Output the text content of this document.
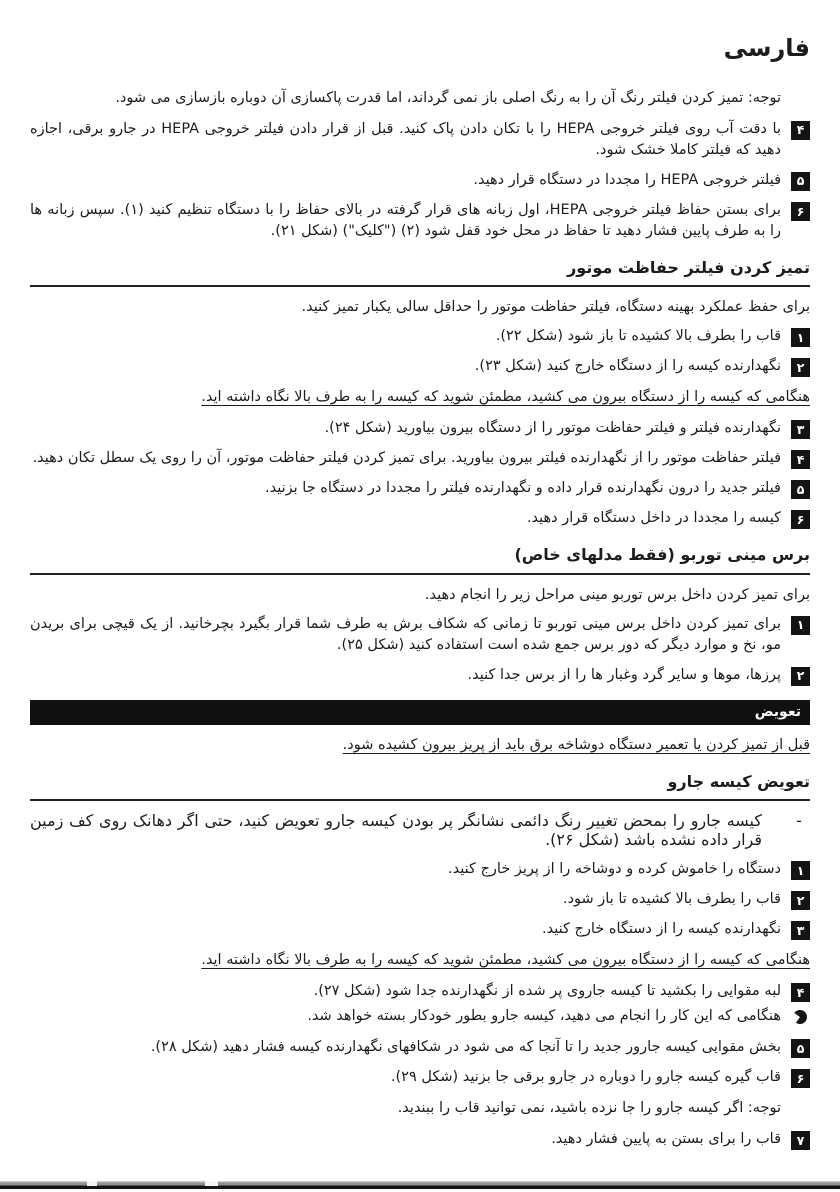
فارسی

توجه: تمیز کردن فیلتر رنگ آن را به رنگ اصلی باز نمی گرداند، اما قدرت پاکسازی آن دوباره بازسازی می شود.

۴
با دقت آب روی فیلتر خروجی HEPA را با تکان دادن پاک کنید. قبل از قرار دادن فیلتر خروجی HEPA در جارو برقی، اجازه دهید که فیلتر کاملا خشک شود.
۵
فیلتر خروجی HEPA را مجددا در دستگاه قرار دهید.
۶
برای بستن حفاظ فیلتر خروجی HEPA، اول زبانه های قرار گرفته در بالای حفاظ را با دستگاه تنظیم کنید (۱). سپس زبانه ها را به طرف پایین فشار دهید تا حفاظ در محل خود قفل شود (۲) ("کلیک") (شکل ۲۱).
تمیز کردن فیلتر حفاظت موتور

برای حفظ عملکرد بهینه دستگاه، فیلتر حفاظت موتور را حداقل سالی یکبار تمیز کنید.

۱
قاب را بطرف بالا کشیده تا باز شود (شکل ۲۲).
۲
نگهدارنده کیسه را از دستگاه خارج کنید (شکل ۲۳).

هنگامی که کیسه را از دستگاه بیرون می کشید، مطمئن شوید که کیسه را به طرف بالا نگاه داشته اید.

۳
نگهدارنده فیلتر و فیلتر حفاظت موتور را از دستگاه بیرون بیاورید (شکل ۲۴).
۴
فیلتر حفاظت موتور را از نگهدارنده فیلتر بیرون بیاورید. برای تمیز کردن فیلتر حفاظت موتور، آن را روی یک سطل تکان دهید.
۵
فیلتر جدید را درون نگهدارنده قرار داده و نگهدارنده فیلتر را مجددا در دستگاه جا بزنید.
۶
کیسه را مجددا در داخل دستگاه قرار دهید.
برس مینی توربو (فقط مدلهای خاص)

برای تمیز کردن داخل برس توربو مینی مراحل زیر را انجام دهید.

۱
برای تمیز کردن داخل برس مینی توربو تا زمانی که شکاف برش به طرف شما قرار بگیرد بچرخانید. از یک قیچی برای بریدن مو، نخ و موارد دیگر که دور برس جمع شده است استفاده کنید (شکل ۲۵).
۲
پرزها، موها و سایر گرد وغبار ها را از برس جدا کنید.
تعویض

قبل از تمیز کردن یا تعمیر دستگاه دوشاخه برق باید از پریز بیرون کشیده شود.

تعویض کیسه جارو
-
کیسه جارو را بمحض تغییر رنگ دائمی نشانگر پر بودن کیسه جارو تعویض کنید، حتی اگر دهانک روی کف زمین قرار داده نشده باشد (شکل ۲۶).
۱
دستگاه را خاموش کرده و دوشاخه را از پریز خارج کنید.
۲
قاب را بطرف بالا کشیده تا باز شود.
۳
نگهدارنده کیسه را از دستگاه خارج کنید.

هنگامی که کیسه را از دستگاه بیرون می کشید، مطمئن شوید که کیسه را به طرف بالا نگاه داشته اید.

۴
لبه مقوایی را بکشید تا کیسه جاروی پر شده از نگهدارنده جدا شود (شکل ۲۷).
هنگامی که این کار را انجام می دهید، کیسه جارو بطور خودکار بسته خواهد شد.
۵
بخش مقوایی کیسه جارور جدید را تا آنجا که می شود در شکافهای نگهدارنده کیسه فشار دهید (شکل ۲۸).
۶
قاب گیره کیسه جارو را دوباره در جارو برقی جا بزنید (شکل ۲۹).

توجه: اگر کیسه جارو را جا نزده باشید، نمی توانید قاب را ببندید.

۷
قاب را برای بستن به پایین فشار دهید.
